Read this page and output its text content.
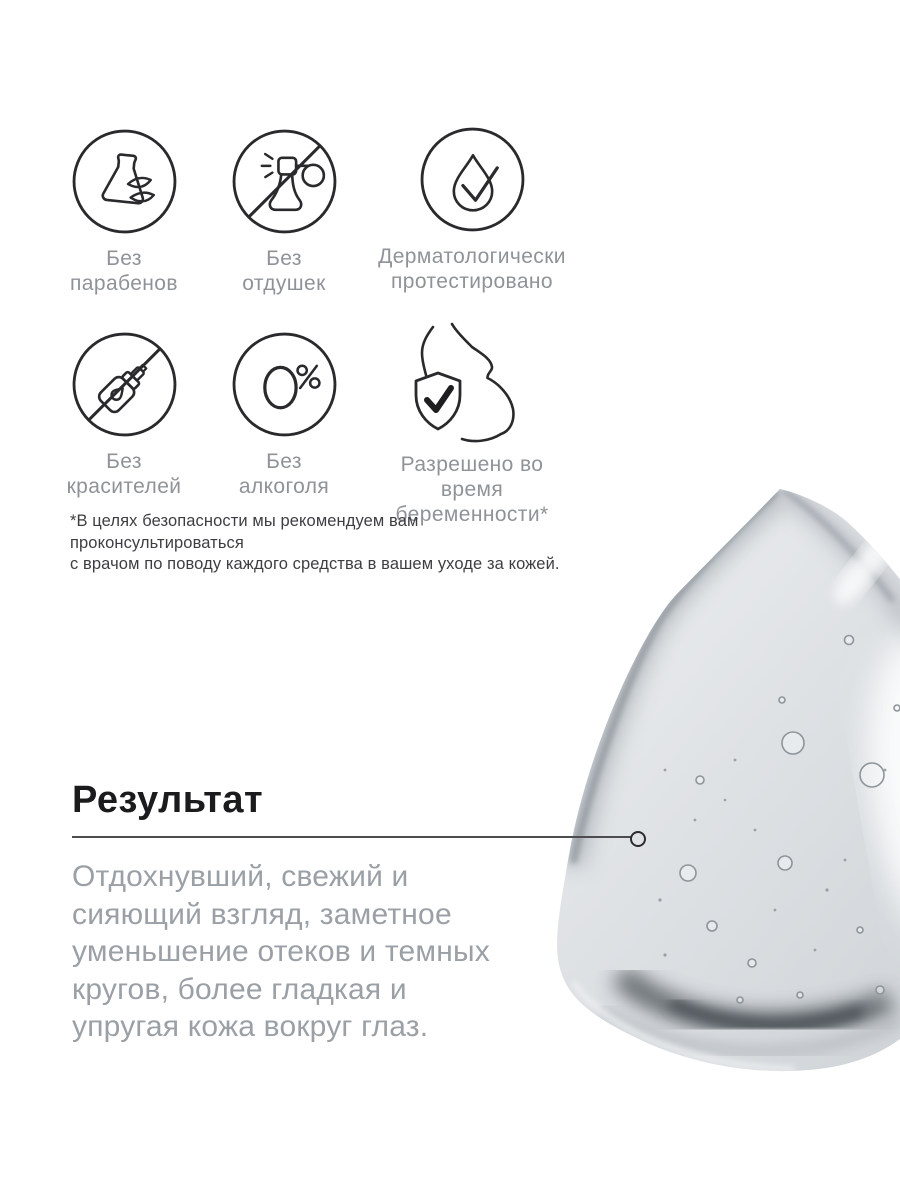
Без
парабенов
Без
отдушек
Дерматологически
протестировано
Без
красителей
Без
алкоголя
Разрешено во время
беременности*
*В целях безопасности мы рекомендуем вам проконсультироваться
с врачом по поводу каждого средства в вашем уходе за кожей.
Результат
Отдохнувший, свежий и
сияющий взгляд, заметное
уменьшение отеков и темных
кругов, более гладкая и
упругая кожа вокруг глаз.
